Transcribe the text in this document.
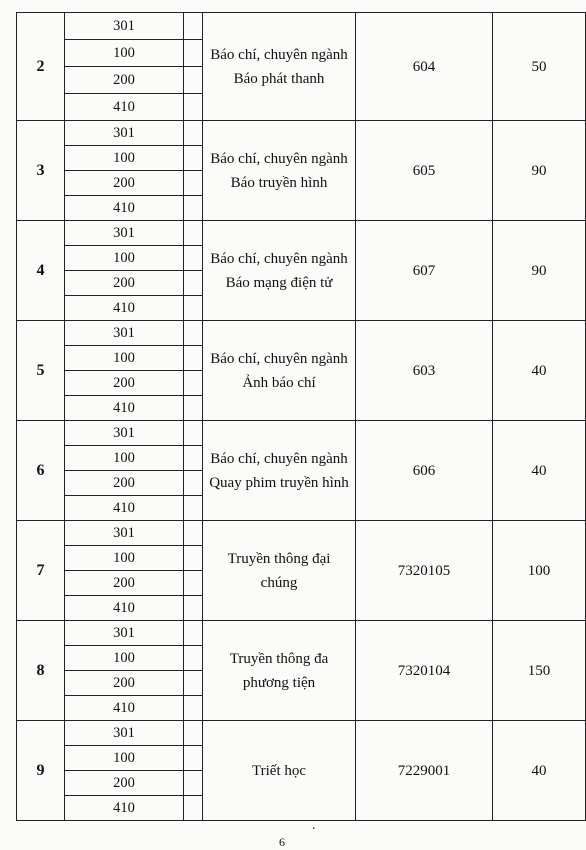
2	301		Báo chí, chuyên ngành Báo phát thanh	604	50
	100				
	200				
	410				
3	301		Báo chí, chuyên ngành Báo truyền hình	605	90
	100				
	200				
	410				
4	301		Báo chí, chuyên ngành Báo mạng điện tử	607	90
	100				
	200				
	410				
5	301		Báo chí, chuyên ngành Ảnh báo chí	603	40
	100				
	200				
	410				
6	301		Báo chí, chuyên ngành Quay phim truyền hình	606	40
	100				
	200				
	410				
7	301		Truyền thông đại chúng	7320105	100
	100				
	200				
	410				
8	301		Truyền thông đa phương tiện	7320104	150
	100				
	200				
	410				
9	301		Triết học	7229001	40
	100				
	200				
	410				
.
6
